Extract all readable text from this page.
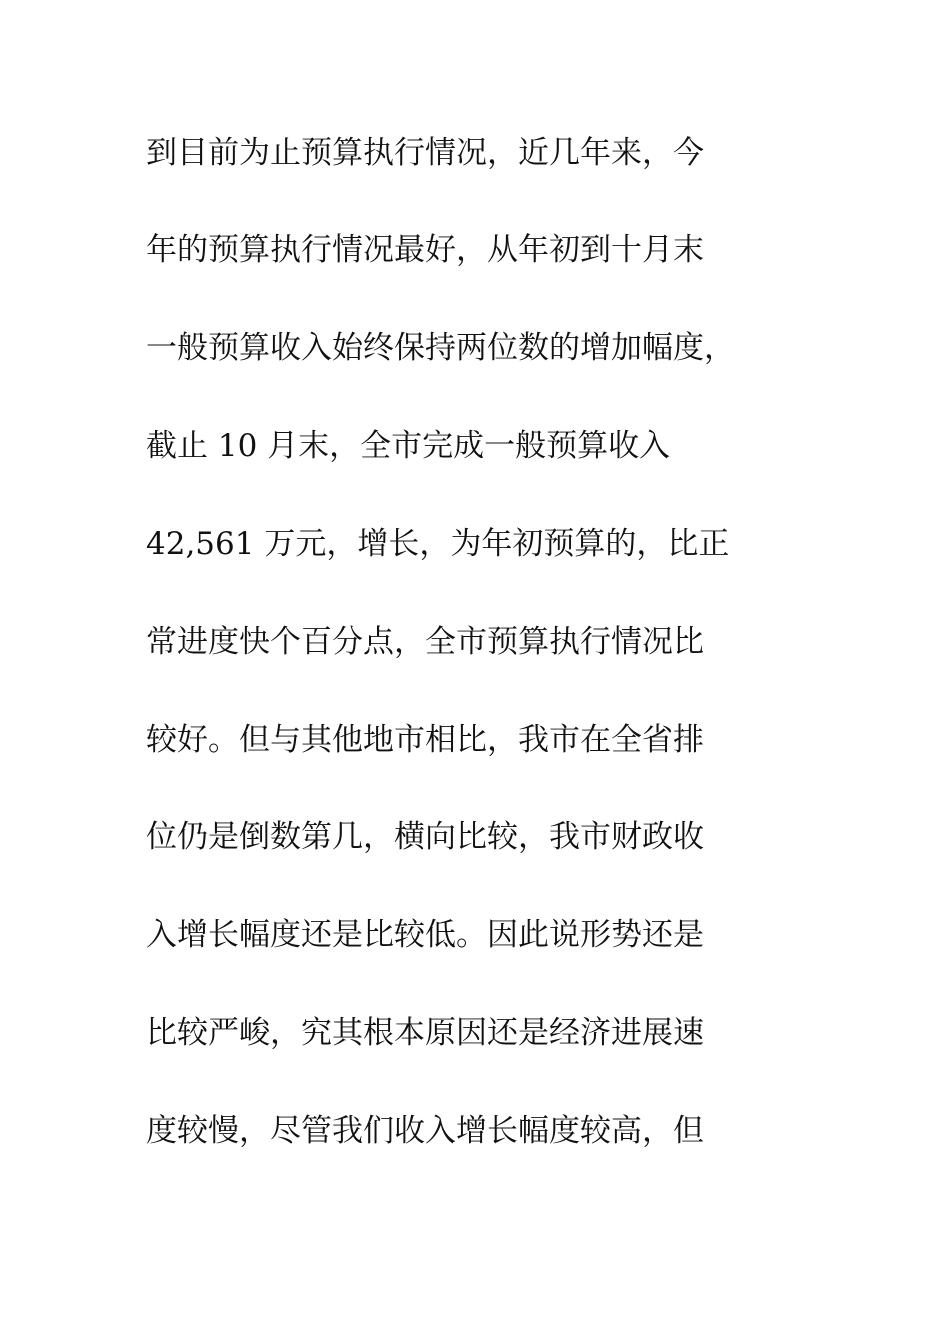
到目前为止预算执行情况，近几年来，今
年的预算执行情况最好，从年初到十月末
一般预算收入始终保持两位数的增加幅度，
截止 10 月末，全市完成一般预算收入
42,561 万元，增长，为年初预算的，比正
常进度快个百分点，全市预算执行情况比
较好。但与其他地市相比，我市在全省排
位仍是倒数第几，横向比较，我市财政收
入增长幅度还是比较低。因此说形势还是
比较严峻，究其根本原因还是经济进展速
度较慢，尽管我们收入增长幅度较高，但
